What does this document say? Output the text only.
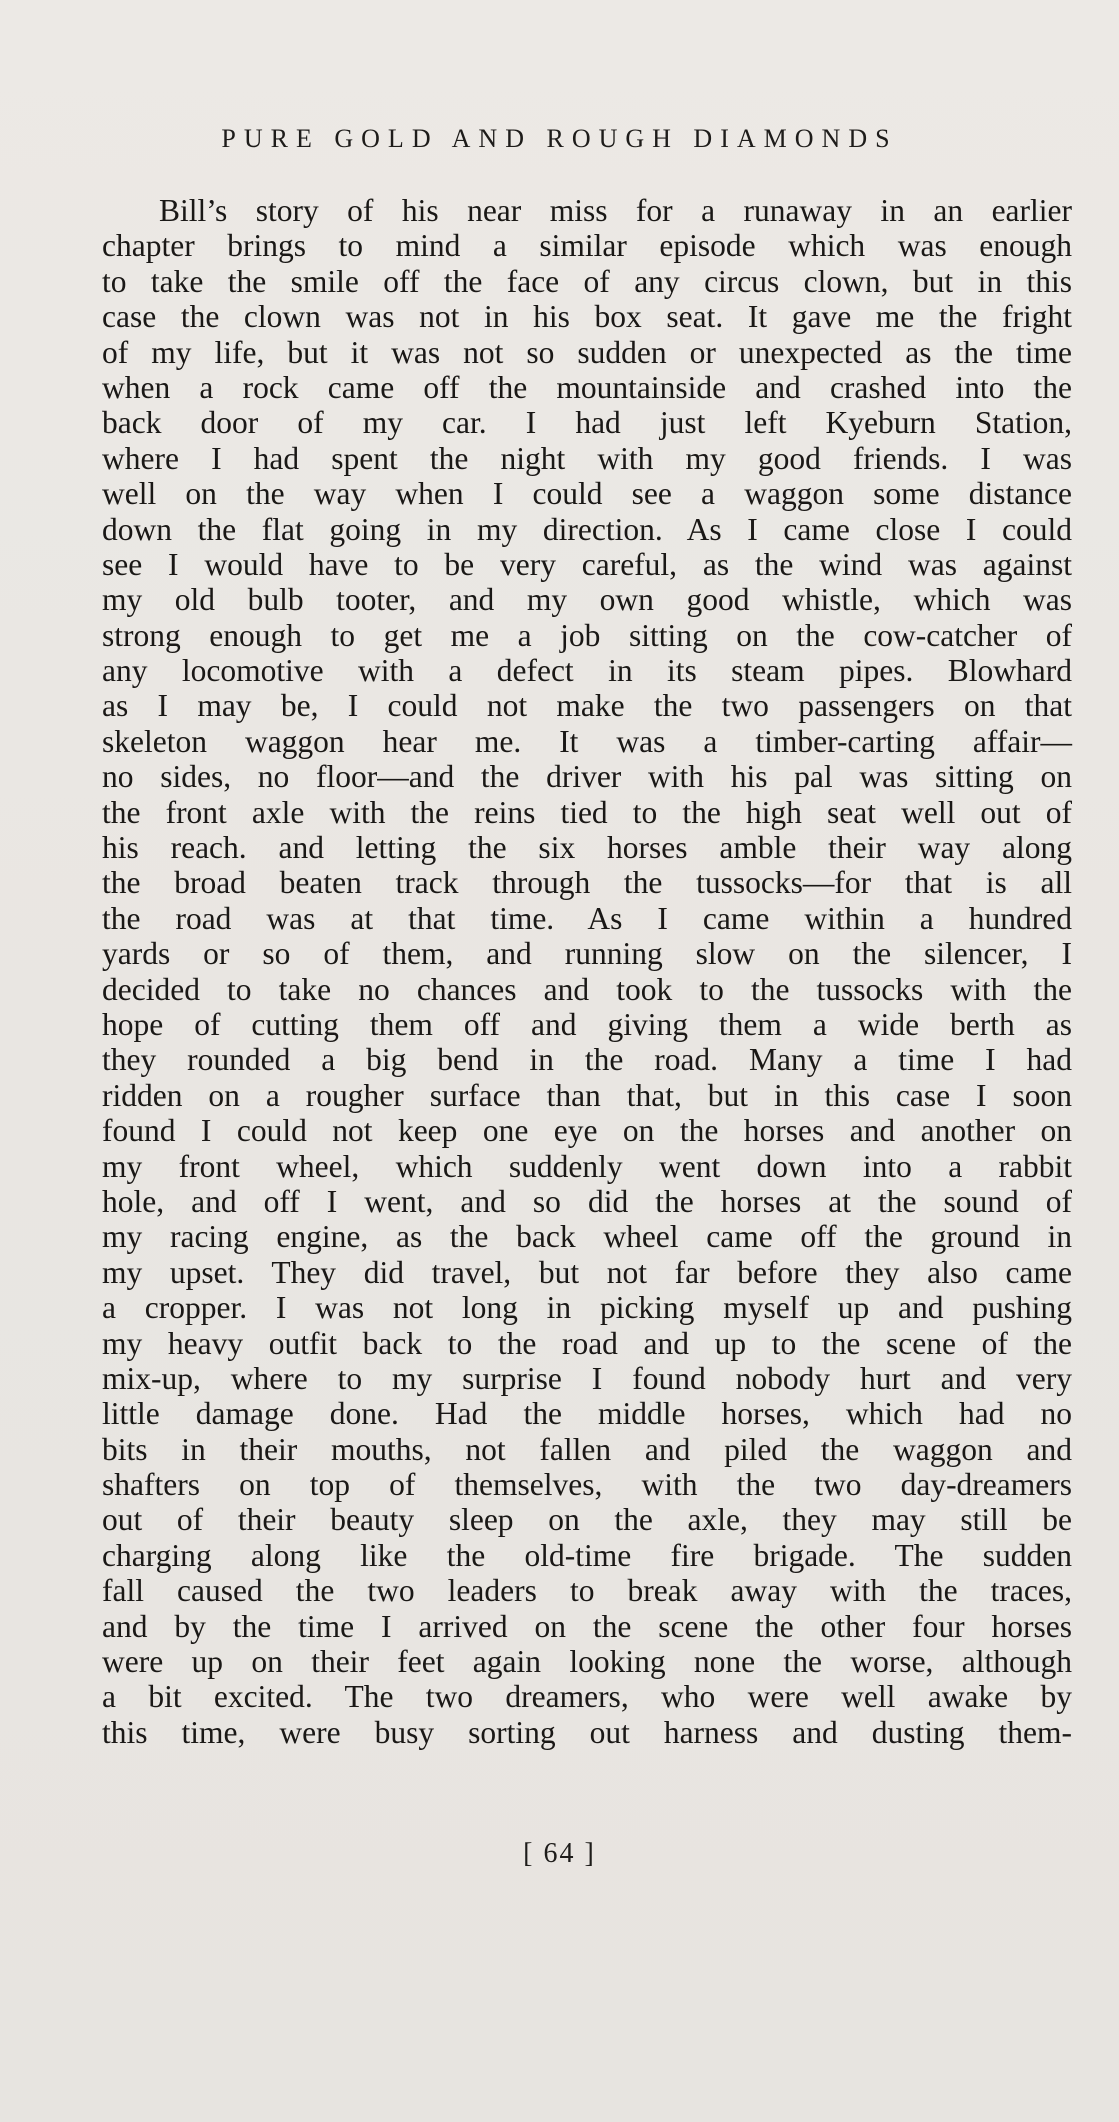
PURE GOLD AND ROUGH DIAMONDS
Bill’s story of his near miss for a runaway in an earlier
chapter brings to mind a similar episode which was enough
to take the smile off the face of any circus clown, but in this
case the clown was not in his box seat. It gave me the fright
of my life, but it was not so sudden or unexpected as the time
when a rock came off the mountainside and crashed into the
back door of my car. I had just left Kyeburn Station,
where I had spent the night with my good friends. I was
well on the way when I could see a waggon some distance
down the flat going in my direction. As I came close I could
see I would have to be very careful, as the wind was against
my old bulb tooter, and my own good whistle, which was
strong enough to get me a job sitting on the cow-catcher of
any locomotive with a defect in its steam pipes. Blowhard
as I may be, I could not make the two passengers on that
skeleton waggon hear me. It was a timber-carting affair—
no sides, no floor—and the driver with his pal was sitting on
the front axle with the reins tied to the high seat well out of
his reach. and letting the six horses amble their way along
the broad beaten track through the tussocks—for that is all
the road was at that time. As I came within a hundred
yards or so of them, and running slow on the silencer, I
decided to take no chances and took to the tussocks with the
hope of cutting them off and giving them a wide berth as
they rounded a big bend in the road. Many a time I had
ridden on a rougher surface than that, but in this case I soon
found I could not keep one eye on the horses and another on
my front wheel, which suddenly went down into a rabbit
hole, and off I went, and so did the horses at the sound of
my racing engine, as the back wheel came off the ground in
my upset. They did travel, but not far before they also came
a cropper. I was not long in picking myself up and pushing
my heavy outfit back to the road and up to the scene of the
mix-up, where to my surprise I found nobody hurt and very
little damage done. Had the middle horses, which had no
bits in their mouths, not fallen and piled the waggon and
shafters on top of themselves, with the two day-dreamers
out of their beauty sleep on the axle, they may still be
charging along like the old-time fire brigade. The sudden
fall caused the two leaders to break away with the traces,
and by the time I arrived on the scene the other four horses
were up on their feet again looking none the worse, although
a bit excited. The two dreamers, who were well awake by
this time, were busy sorting out harness and dusting them-
[ 64 ]
